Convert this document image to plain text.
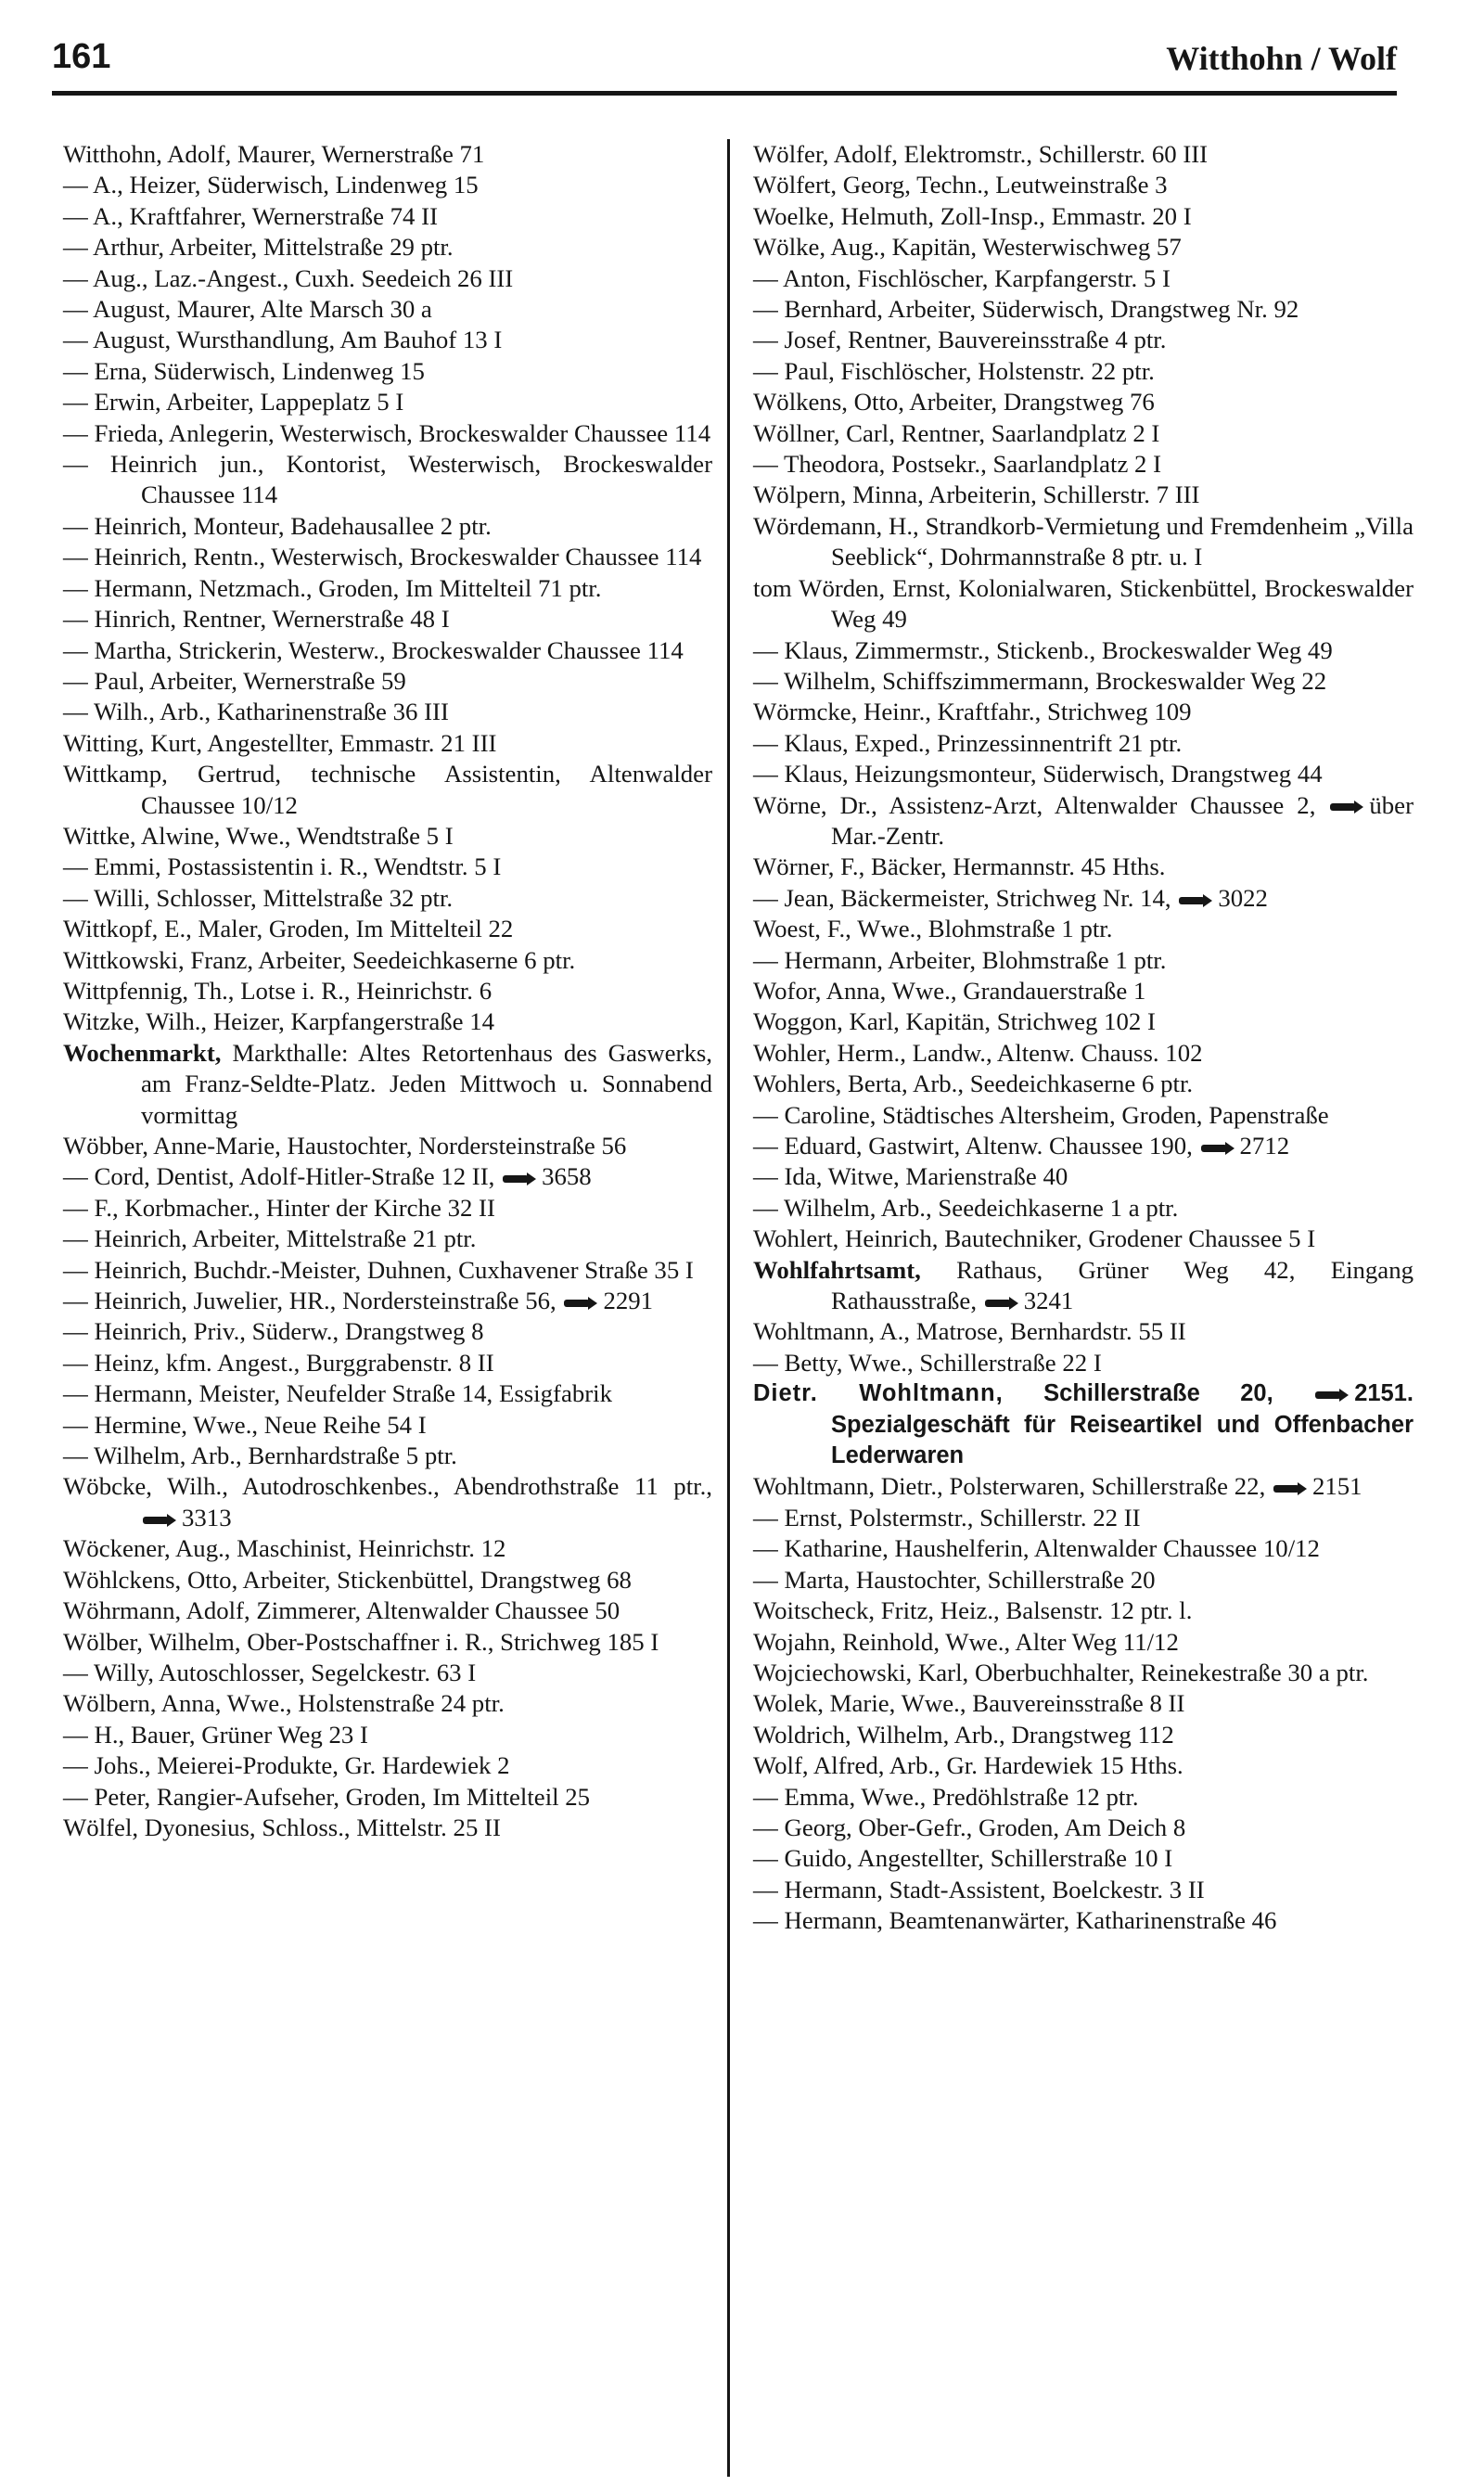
161	Witthohn / Wolf
Witthohn, Adolf, Maurer, Wernerstraße 71
— A., Heizer, Süderwisch, Lindenweg 15
— A., Kraftfahrer, Wernerstraße 74 II
— Arthur, Arbeiter, Mittelstraße 29 ptr.
— Aug., Laz.-Angest., Cuxh. Seedeich 26 III
— August, Maurer, Alte Marsch 30 a
— August, Wursthandlung, Am Bauhof 13 I
— Erna, Süderwisch, Lindenweg 15
— Erwin, Arbeiter, Lappeplatz 5 I
— Frieda, Anlegerin, Westerwisch, Brockeswalder Chaussee 114
— Heinrich jun., Kontorist, Westerwisch, Brockeswalder Chaussee 114
— Heinrich, Monteur, Badehausallee 2 ptr.
— Heinrich, Rentn., Westerwisch, Brockeswalder Chaussee 114
— Hermann, Netzmach., Groden, Im Mittelteil 71 ptr.
— Hinrich, Rentner, Wernerstraße 48 I
— Martha, Strickerin, Westerw., Brockeswalder Chaussee 114
— Paul, Arbeiter, Wernerstraße 59
— Wilh., Arb., Katharinenstraße 36 III
Witting, Kurt, Angestellter, Emmastr. 21 III
Wittkamp, Gertrud, technische Assistentin, Altenwalder Chaussee 10/12
Wittke, Alwine, Wwe., Wendtstraße 5 I
— Emmi, Postassistentin i. R., Wendtstr. 5 I
— Willi, Schlosser, Mittelstraße 32 ptr.
Wittkopf, E., Maler, Groden, Im Mittelteil 22
Wittkowski, Franz, Arbeiter, Seedeichkaserne 6 ptr.
Wittpfennig, Th., Lotse i. R., Heinrichstr. 6
Witzke, Wilh., Heizer, Karpfangerstraße 14
Wochenmarkt, Markthalle: Altes Retortenhaus des Gaswerks, am Franz-Seldte-Platz. Jeden Mittwoch u. Sonnabend vormittag
Wöbber, Anne-Marie, Haustochter, Nordersteinstraße 56
— Cord, Dentist, Adolf-Hitler-Straße 12 II, 3658
— F., Korbmacher., Hinter der Kirche 32 II
— Heinrich, Arbeiter, Mittelstraße 21 ptr.
— Heinrich, Buchdr.-Meister, Duhnen, Cuxhavener Straße 35 I
— Heinrich, Juwelier, HR., Nordersteinstraße 56, 2291
— Heinrich, Priv., Süderw., Drangstweg 8
— Heinz, kfm. Angest., Burggrabenstr. 8 II
— Hermann, Meister, Neufelder Straße 14, Essigfabrik
— Hermine, Wwe., Neue Reihe 54 I
— Wilhelm, Arb., Bernhardstraße 5 ptr.
Wöbcke, Wilh., Autodroschkenbes., Abendrothstraße 11 ptr., 3313
Wöckener, Aug., Maschinist, Heinrichstr. 12
Wöhlckens, Otto, Arbeiter, Stickenbüttel, Drangstweg 68
Wöhrmann, Adolf, Zimmerer, Altenwalder Chaussee 50
Wölber, Wilhelm, Ober-Postschaffner i. R., Strichweg 185 I
— Willy, Autoschlosser, Segelckestr. 63 I
Wölbern, Anna, Wwe., Holstenstraße 24 ptr.
— H., Bauer, Grüner Weg 23 I
— Johs., Meierei-Produkte, Gr. Hardewiek 2
— Peter, Rangier-Aufseher, Groden, Im Mittelteil 25
Wölfel, Dyonesius, Schloss., Mittelstr. 25 II
Wölfer, Adolf, Elektromstr., Schillerstr. 60 III
Wölfert, Georg, Techn., Leutweinstraße 3
Woelke, Helmuth, Zoll-Insp., Emmastr. 20 I
Wölke, Aug., Kapitän, Westerwischweg 57
— Anton, Fischlöscher, Karpfangerstr. 5 I
— Bernhard, Arbeiter, Süderwisch, Drangstweg Nr. 92
— Josef, Rentner, Bauvereinsstraße 4 ptr.
— Paul, Fischlöscher, Holstenstr. 22 ptr.
Wölkens, Otto, Arbeiter, Drangstweg 76
Wöllner, Carl, Rentner, Saarlandplatz 2 I
— Theodora, Postsekr., Saarlandplatz 2 I
Wölpern, Minna, Arbeiterin, Schillerstr. 7 III
Wördemann, H., Strandkorb-Vermietung und Fremdenheim „Villa Seeblick“, Dohrmannstraße 8 ptr. u. I
tom Wörden, Ernst, Kolonialwaren, Stickenbüttel, Brockeswalder Weg 49
— Klaus, Zimmermstr., Stickenb., Brockeswalder Weg 49
— Wilhelm, Schiffszimmermann, Brockeswalder Weg 22
Wörmcke, Heinr., Kraftfahr., Strichweg 109
— Klaus, Exped., Prinzessinnentrift 21 ptr.
— Klaus, Heizungsmonteur, Süderwisch, Drangstweg 44
Wörne, Dr., Assistenz-Arzt, Altenwalder Chaussee 2, über Mar.-Zentr.
Wörner, F., Bäcker, Hermannstr. 45 Hths.
— Jean, Bäckermeister, Strichweg Nr. 14, 3022
Woest, F., Wwe., Blohmstraße 1 ptr.
— Hermann, Arbeiter, Blohmstraße 1 ptr.
Wofor, Anna, Wwe., Grandauerstraße 1
Woggon, Karl, Kapitän, Strichweg 102 I
Wohler, Herm., Landw., Altenw. Chauss. 102
Wohlers, Berta, Arb., Seedeichkaserne 6 ptr.
— Caroline, Städtisches Altersheim, Groden, Papenstraße
— Eduard, Gastwirt, Altenw. Chaussee 190, 2712
— Ida, Witwe, Marienstraße 40
— Wilhelm, Arb., Seedeichkaserne 1 a ptr.
Wohlert, Heinrich, Bautechniker, Grodener Chaussee 5 I
Wohlfahrtsamt, Rathaus, Grüner Weg 42, Eingang Rathausstraße, 3241
Wohltmann, A., Matrose, Bernhardstr. 55 II
— Betty, Wwe., Schillerstraße 22 I
Dietr. Wohltmann, Schillerstraße 20,	2151. Spezialgeschäft für Reiseartikel und Offenbacher Lederwaren
Wohltmann, Dietr., Polsterwaren, Schillerstraße 22, 2151
— Ernst, Polstermstr., Schillerstr. 22 II
— Katharine, Haushelferin, Altenwalder Chaussee 10/12
— Marta, Haustochter, Schillerstraße 20
Woitscheck, Fritz, Heiz., Balsenstr. 12 ptr. l.
Wojahn, Reinhold, Wwe., Alter Weg 11/12
Wojciechowski, Karl, Oberbuchhalter, Reinekestraße 30 a ptr.
Wolek, Marie, Wwe., Bauvereinsstraße 8 II
Woldrich, Wilhelm, Arb., Drangstweg 112
Wolf, Alfred, Arb., Gr. Hardewiek 15 Hths.
— Emma, Wwe., Predöhlstraße 12 ptr.
— Georg, Ober-Gefr., Groden, Am Deich 8
— Guido, Angestellter, Schillerstraße 10 I
— Hermann, Stadt-Assistent, Boelckestr. 3 II
— Hermann, Beamtenanwärter, Katharinenstraße 46
